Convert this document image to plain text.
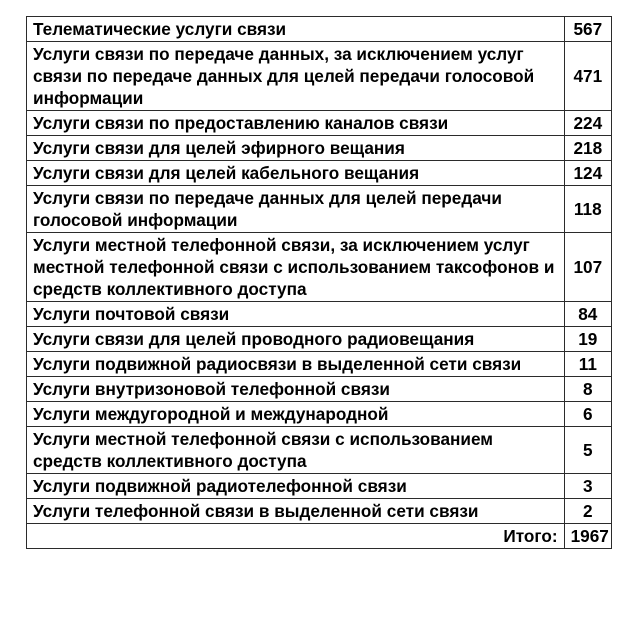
Телематические услуги связи	567
Услуги связи по передаче данных, за исключением услуг связи по передаче данных для целей передачи голосовой информации	471
Услуги связи по предоставлению каналов связи	224
Услуги связи для целей эфирного вещания	218
Услуги связи для целей кабельного вещания	124
Услуги связи по передаче данных для целей передачи голосовой информации	118
Услуги местной телефонной связи, за исключением услуг местной телефонной связи с использованием таксофонов и средств коллективного доступа	107
Услуги почтовой связи	84
Услуги связи для целей проводного радиовещания	19
Услуги подвижной радиосвязи в выделенной сети связи	11
Услуги внутризоновой телефонной связи	8
Услуги междугородной и международной	6
Услуги местной телефонной связи с использованием средств коллективного доступа	5
Услуги подвижной радиотелефонной связи	3
Услуги телефонной связи в выделенной сети связи	2
Итого:	1967
